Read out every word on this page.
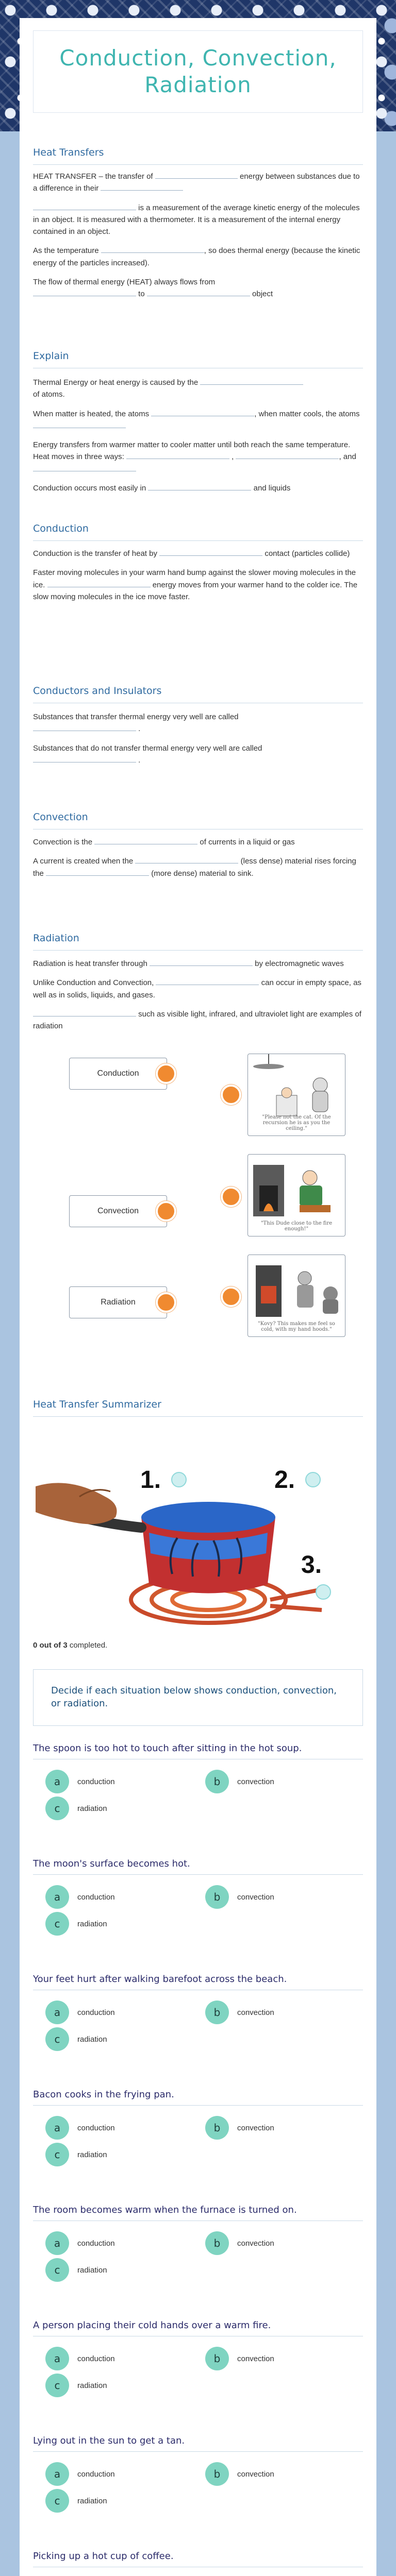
Conduction, Convection, Radiation
Heat Transfers

HEAT TRANSFER – the transfer of	energy between substances due to a difference in their

is a measurement of the average kinetic energy of the molecules in an object. It is measured with a thermometer. It is a measurement of the internal energy contained in an object.

As the temperature	, so does thermal energy (because the kinetic energy of the particles increased).

The flow of thermal energy (HEAT) always flows from
to	object

Explain

Thermal Energy or heat energy is caused by the
of atoms.

When matter is heated, the atoms	, when matter cools, the atoms

Energy transfers from warmer matter to cooler matter until both reach the same temperature. Heat moves in three ways:	,	, and

Conduction occurs most easily in	and liquids

Conduction

Conduction is the transfer of heat by	contact (particles collide)

Faster moving molecules in your warm hand bump against the slower moving molecules in the ice.	energy moves from your warmer hand to the colder ice. The slow moving molecules in the ice move faster.

Conductors and Insulators

Substances that transfer thermal energy very well are called
.

Substances that do not transfer thermal energy very well are called
.

Convection

Convection is the	of currents in a liquid or gas

A current is created when the	(less dense) material rises forcing the	(more dense) material to sink.

Radiation

Radiation is heat transfer through	by electromagnetic waves

Unlike Conduction and Convection,	can occur in empty space, as well as in solids, liquids, and gases.

such as visible light, infrared, and ultraviolet light are examples of radiation

Conduction
Convection
Radiation
"Please not the cat. Of the recursion he is as you the ceiling."
"This Dude close to the fire enough!"
"Kovy? This makes me feel so cold, with my hand hoods."
Heat Transfer Summarizer
1.	2.
3.
0 out of 3 completed.
Decide if each situation below shows conduction, convection, or radiation.
The spoon is too hot to touch after sitting in the hot soup.
a	conduction	b	convection
c	radiation
The moon's surface becomes hot.
a	conduction	b	convection
c	radiation
Your feet hurt after walking barefoot across the beach.
a	conduction	b	convection
c	radiation
Bacon cooks in the frying pan.
a	conduction	b	convection
c	radiation
The room becomes warm when the furnace is turned on.
a	conduction	b	convection
c	radiation
A person placing their cold hands over a warm fire.
a	conduction	b	convection
c	radiation
Lying out in the sun to get a tan.
a	conduction	b	convection
c	radiation
Picking up a hot cup of coffee.
